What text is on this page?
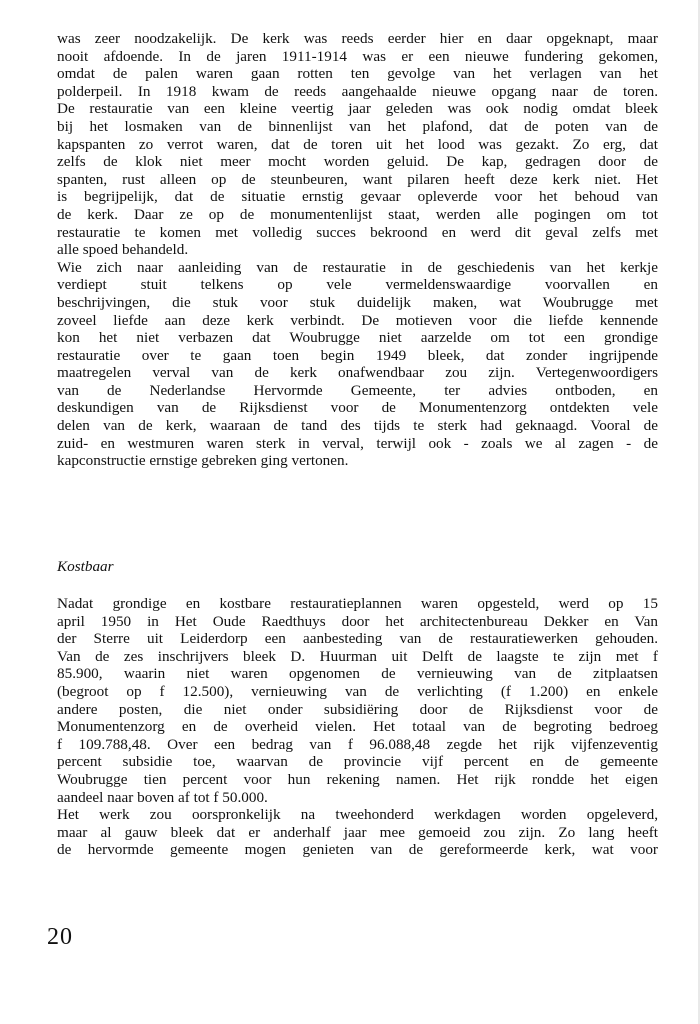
was zeer noodzakelijk. De kerk was reeds eerder hier en daar opgeknapt, maar
nooit afdoende. In de jaren 1911-1914 was er een nieuwe fundering gekomen,
omdat de palen waren gaan rotten ten gevolge van het verlagen van het
polderpeil. In 1918 kwam de reeds aangehaalde nieuwe opgang naar de toren.
De restauratie van een kleine veertig jaar geleden was ook nodig omdat bleek
bij het losmaken van de binnenlijst van het plafond, dat de poten van de
kapspanten zo verrot waren, dat de toren uit het lood was gezakt. Zo erg, dat
zelfs de klok niet meer mocht worden geluid. De kap, gedragen door de
spanten, rust alleen op de steunbeuren, want pilaren heeft deze kerk niet. Het
is begrijpelijk, dat de situatie ernstig gevaar opleverde voor het behoud van
de kerk. Daar ze op de monumentenlijst staat, werden alle pogingen om tot
restauratie te komen met volledig succes bekroond en werd dit geval zelfs met
alle spoed behandeld.
Wie zich naar aanleiding van de restauratie in de geschiedenis van het kerkje
verdiept stuit telkens op vele vermeldenswaardige voorvallen en
beschrijvingen, die stuk voor stuk duidelijk maken, wat Woubrugge met
zoveel liefde aan deze kerk verbindt. De motieven voor die liefde kennende
kon het niet verbazen dat Woubrugge niet aarzelde om tot een grondige
restauratie over te gaan toen begin 1949 bleek, dat zonder ingrijpende
maatregelen verval van de kerk onafwendbaar zou zijn. Vertegenwoordigers
van de Nederlandse Hervormde Gemeente, ter advies ontboden, en
deskundigen van de Rijksdienst voor de Monumentenzorg ontdekten vele
delen van de kerk, waaraan de tand des tijds te sterk had geknaagd. Vooral de
zuid- en westmuren waren sterk in verval, terwijl ook - zoals we al zagen - de
kapconstructie ernstige gebreken ging vertonen.
Kostbaar
Nadat grondige en kostbare restauratieplannen waren opgesteld, werd op 15
april 1950 in Het Oude Raedthuys door het architectenbureau Dekker en Van
der Sterre uit Leiderdorp een aanbesteding van de restauratiewerken gehouden.
Van de zes inschrijvers bleek D. Huurman uit Delft de laagste te zijn met f
85.900, waarin niet waren opgenomen de vernieuwing van de zitplaatsen
(begroot op f 12.500), vernieuwing van de verlichting (f 1.200) en enkele
andere posten, die niet onder subsidiëring door de Rijksdienst voor de
Monumentenzorg en de overheid vielen. Het totaal van de begroting bedroeg
f 109.788,48. Over een bedrag van f 96.088,48 zegde het rijk vijfenzeventig
percent subsidie toe, waarvan de provincie vijf percent en de gemeente
Woubrugge tien percent voor hun rekening namen. Het rijk rondde het eigen
aandeel naar boven af tot f 50.000.
Het werk zou oorspronkelijk na tweehonderd werkdagen worden opgeleverd,
maar al gauw bleek dat er anderhalf jaar mee gemoeid zou zijn. Zo lang heeft
de hervormde gemeente mogen genieten van de gereformeerde kerk, wat voor
20
